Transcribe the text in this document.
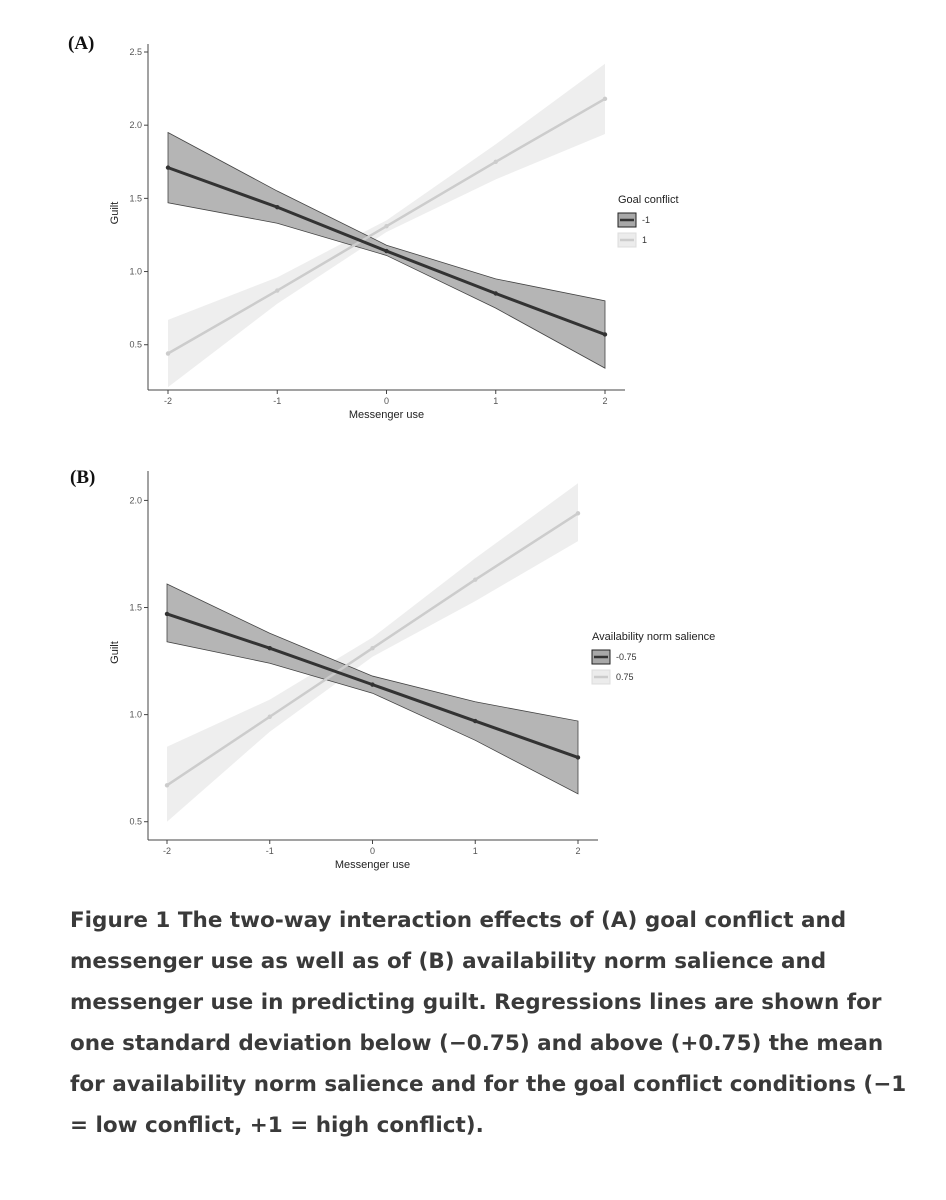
(A)
0.5
1.0
1.5
2.0
2.5
-2	-1	0	1	2
Messenger use
Guilt
Goal conflict
-1
1
(B)
0.5
1.0
1.5
2.0
-2	-1	0	1	2
Messenger use
Guilt
Availability norm salience
-0.75
0.75

Figure 1 The two-way interaction effects of (A) goal conflict and messenger use as well as of (B) availability norm salience and messenger use in predicting guilt. Regressions lines are shown for one standard deviation below (−0.75) and above (+0.75) the mean for availability norm salience and for the goal conflict conditions (−1 = low conflict, +1 = high conflict).
